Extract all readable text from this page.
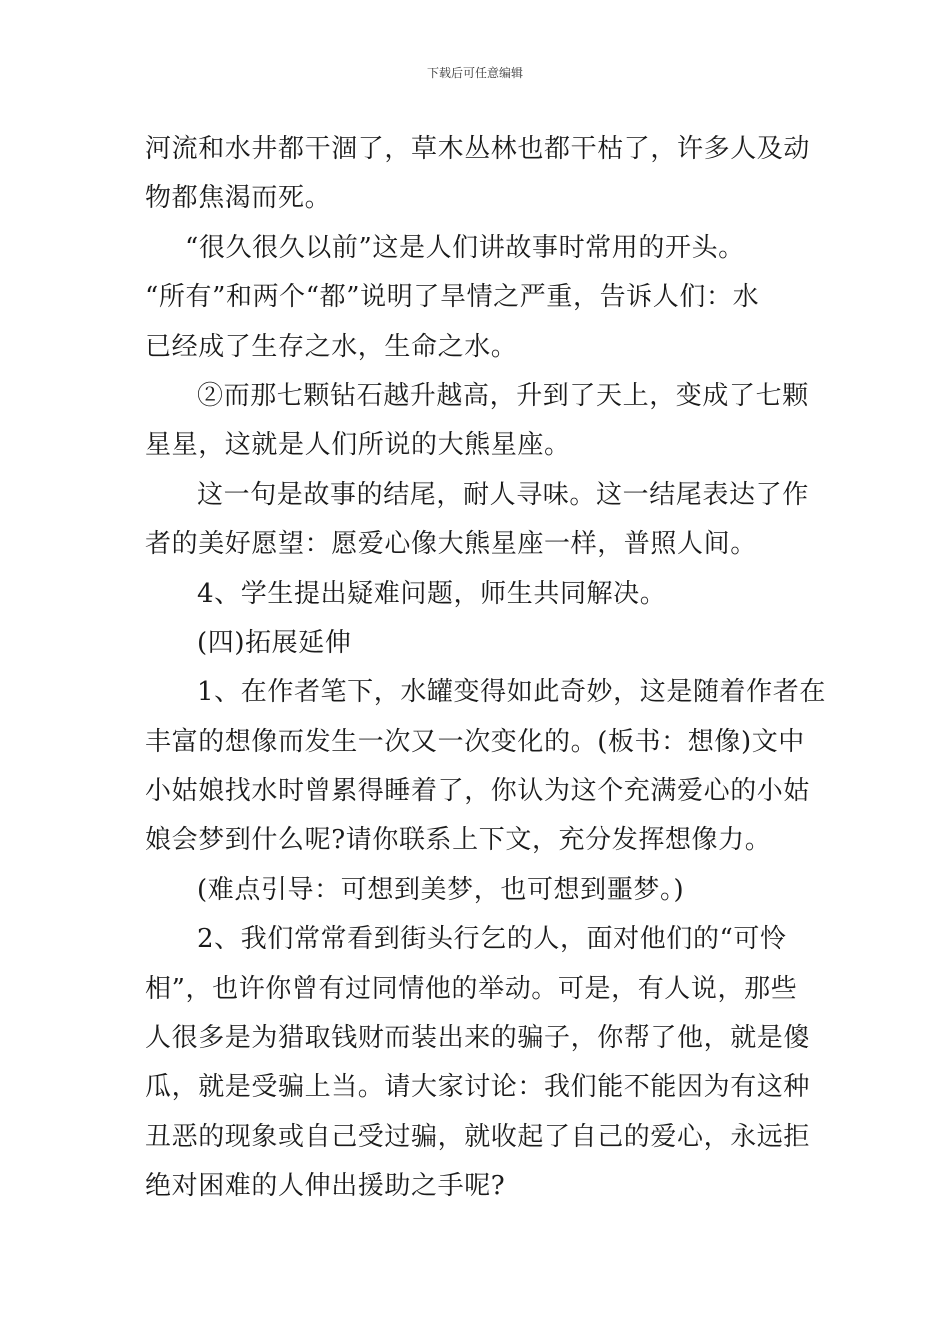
下载后可任意编辑
河流和水井都干涸了，草木丛林也都干枯了，许多人及动
物都焦渴而死。
“很久很久以前”这是人们讲故事时常用的开头。
“所有”和两个“都”说明了旱情之严重，告诉人们：水
已经成了生存之水，生命之水。
②而那七颗钻石越升越高，升到了天上，变成了七颗
星星，这就是人们所说的大熊星座。
这一句是故事的结尾，耐人寻味。这一结尾表达了作
者的美好愿望：愿爱心像大熊星座一样，普照人间。
4、学生提出疑难问题，师生共同解决。
(四)拓展延伸
1、在作者笔下，水罐变得如此奇妙，这是随着作者在
丰富的想像而发生一次又一次变化的。(板书：想像)文中
小姑娘找水时曾累得睡着了，你认为这个充满爱心的小姑
娘会梦到什么呢?请你联系上下文，充分发挥想像力。
(难点引导：可想到美梦，也可想到噩梦。)
2、我们常常看到街头行乞的人，面对他们的“可怜
相”，也许你曾有过同情他的举动。可是，有人说，那些
人很多是为猎取钱财而装出来的骗子，你帮了他，就是傻
瓜，就是受骗上当。请大家讨论：我们能不能因为有这种
丑恶的现象或自己受过骗，就收起了自己的爱心，永远拒
绝对困难的人伸出援助之手呢?
